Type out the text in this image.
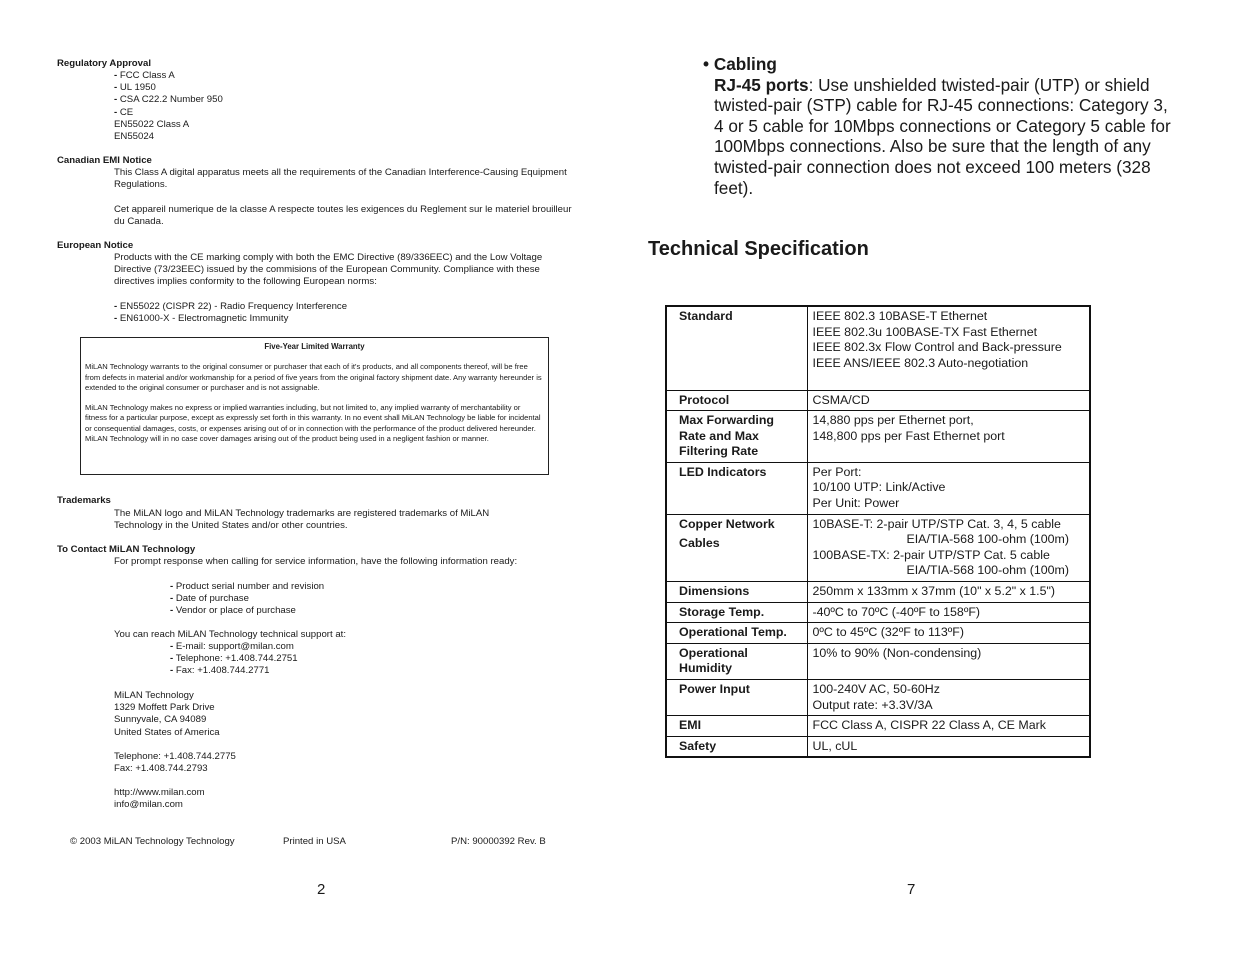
Regulatory Approval
- FCC Class A
- UL 1950
- CSA C22.2 Number 950
- CE
EN55022 Class A
EN55024
Canadian EMI Notice
This Class A digital apparatus meets all the requirements of the Canadian Interference-Causing Equipment Regulations.
Cet appareil numerique de la classe A respecte toutes les exigences du Reglement sur le materiel brouilleur du Canada.
European Notice
Products with the CE marking comply with both the EMC Directive (89/336EEC) and the Low Voltage Directive (73/23EEC) issued by the commisions of the European Community. Compliance with these directives implies conformity to the following European norms:
- EN55022 (CISPR 22) - Radio Frequency Interference
- EN61000-X - Electromagnetic Immunity
Five-Year Limited Warranty

MiLAN Technology warrants to the original consumer or purchaser that each of it's products, and all components thereof, will be free from defects in material and/or workmanship for a period of five years from the original factory shipment date. Any warranty hereunder is extended to the original consumer or purchaser and is not assignable.

MiLAN Technology makes no express or implied warranties including, but not limited to, any implied warranty of merchantability or fitness for a particular purpose, except as expressly set forth in this warranty. In no event shall MiLAN Technology be liable for incidental or consequential damages, costs, or expenses arising out of or in connection with the performance of the product delivered hereunder. MiLAN Technology will in no case cover damages arising out of the product being used in a negligent fashion or manner.

Trademarks
The MiLAN logo and MiLAN Technology trademarks are registered trademarks of MiLAN Technology in the United States and/or other countries.
To Contact MiLAN Technology
For prompt response when calling for service information, have the following information ready:
- Product serial number and revision
- Date of purchase
- Vendor or place of purchase
You can reach MiLAN Technology technical support at:
- E-mail: support@milan.com
- Telephone: +1.408.744.2751
- Fax: +1.408.744.2771
MiLAN Technology
1329 Moffett Park Drive
Sunnyvale, CA 94089
United States of America
Telephone: +1.408.744.2775
Fax: +1.408.744.2793
http://www.milan.com
info@milan.com
© 2003 MiLAN Technology Technology	Printed in USA	P/N: 90000392 Rev. B
2
• Cabling
RJ-45 ports: Use unshielded twisted-pair (UTP) or shield twisted-pair (STP) cable for RJ-45 connections: Category 3, 4 or 5 cable for 10Mbps connections or Category 5 cable for 100Mbps connections. Also be sure that the length of any twisted-pair connection does not exceed 100 meters (328 feet).
Technical Specification
Standard	IEEE 802.3 10BASE-T Ethernet
IEEE 802.3u 100BASE-TX Fast Ethernet
IEEE 802.3x Flow Control and Back-pressure
IEEE ANS/IEEE 802.3 Auto-negotiation

Protocol	CSMA/CD

Max Forwarding Rate and Max Filtering Rate	14,880 pps per Ethernet port,
148,800 pps per Fast Ethernet port

LED Indicators	Per Port:
10/100 UTP: Link/Active
Per Unit: Power

Copper Network
Cables	10BASE-T: 2-pair UTP/STP Cat. 3, 4, 5 cable
EIA/TIA-568 100-ohm (100m)
100BASE-TX: 2-pair UTP/STP Cat. 5 cable
EIA/TIA-568 100-ohm (100m)

Dimensions	250mm x 133mm x 37mm (10" x 5.2" x 1.5")

Storage Temp.	-40ºC to 70ºC (-40ºF to 158ºF)

Operational Temp.	0ºC to 45ºC (32ºF to 113ºF)

Operational Humidity	10% to 90% (Non-condensing)

Power Input	100-240V AC, 50-60Hz
Output rate: +3.3V/3A

EMI	FCC Class A, CISPR 22 Class A, CE Mark

Safety	UL, cUL
7
